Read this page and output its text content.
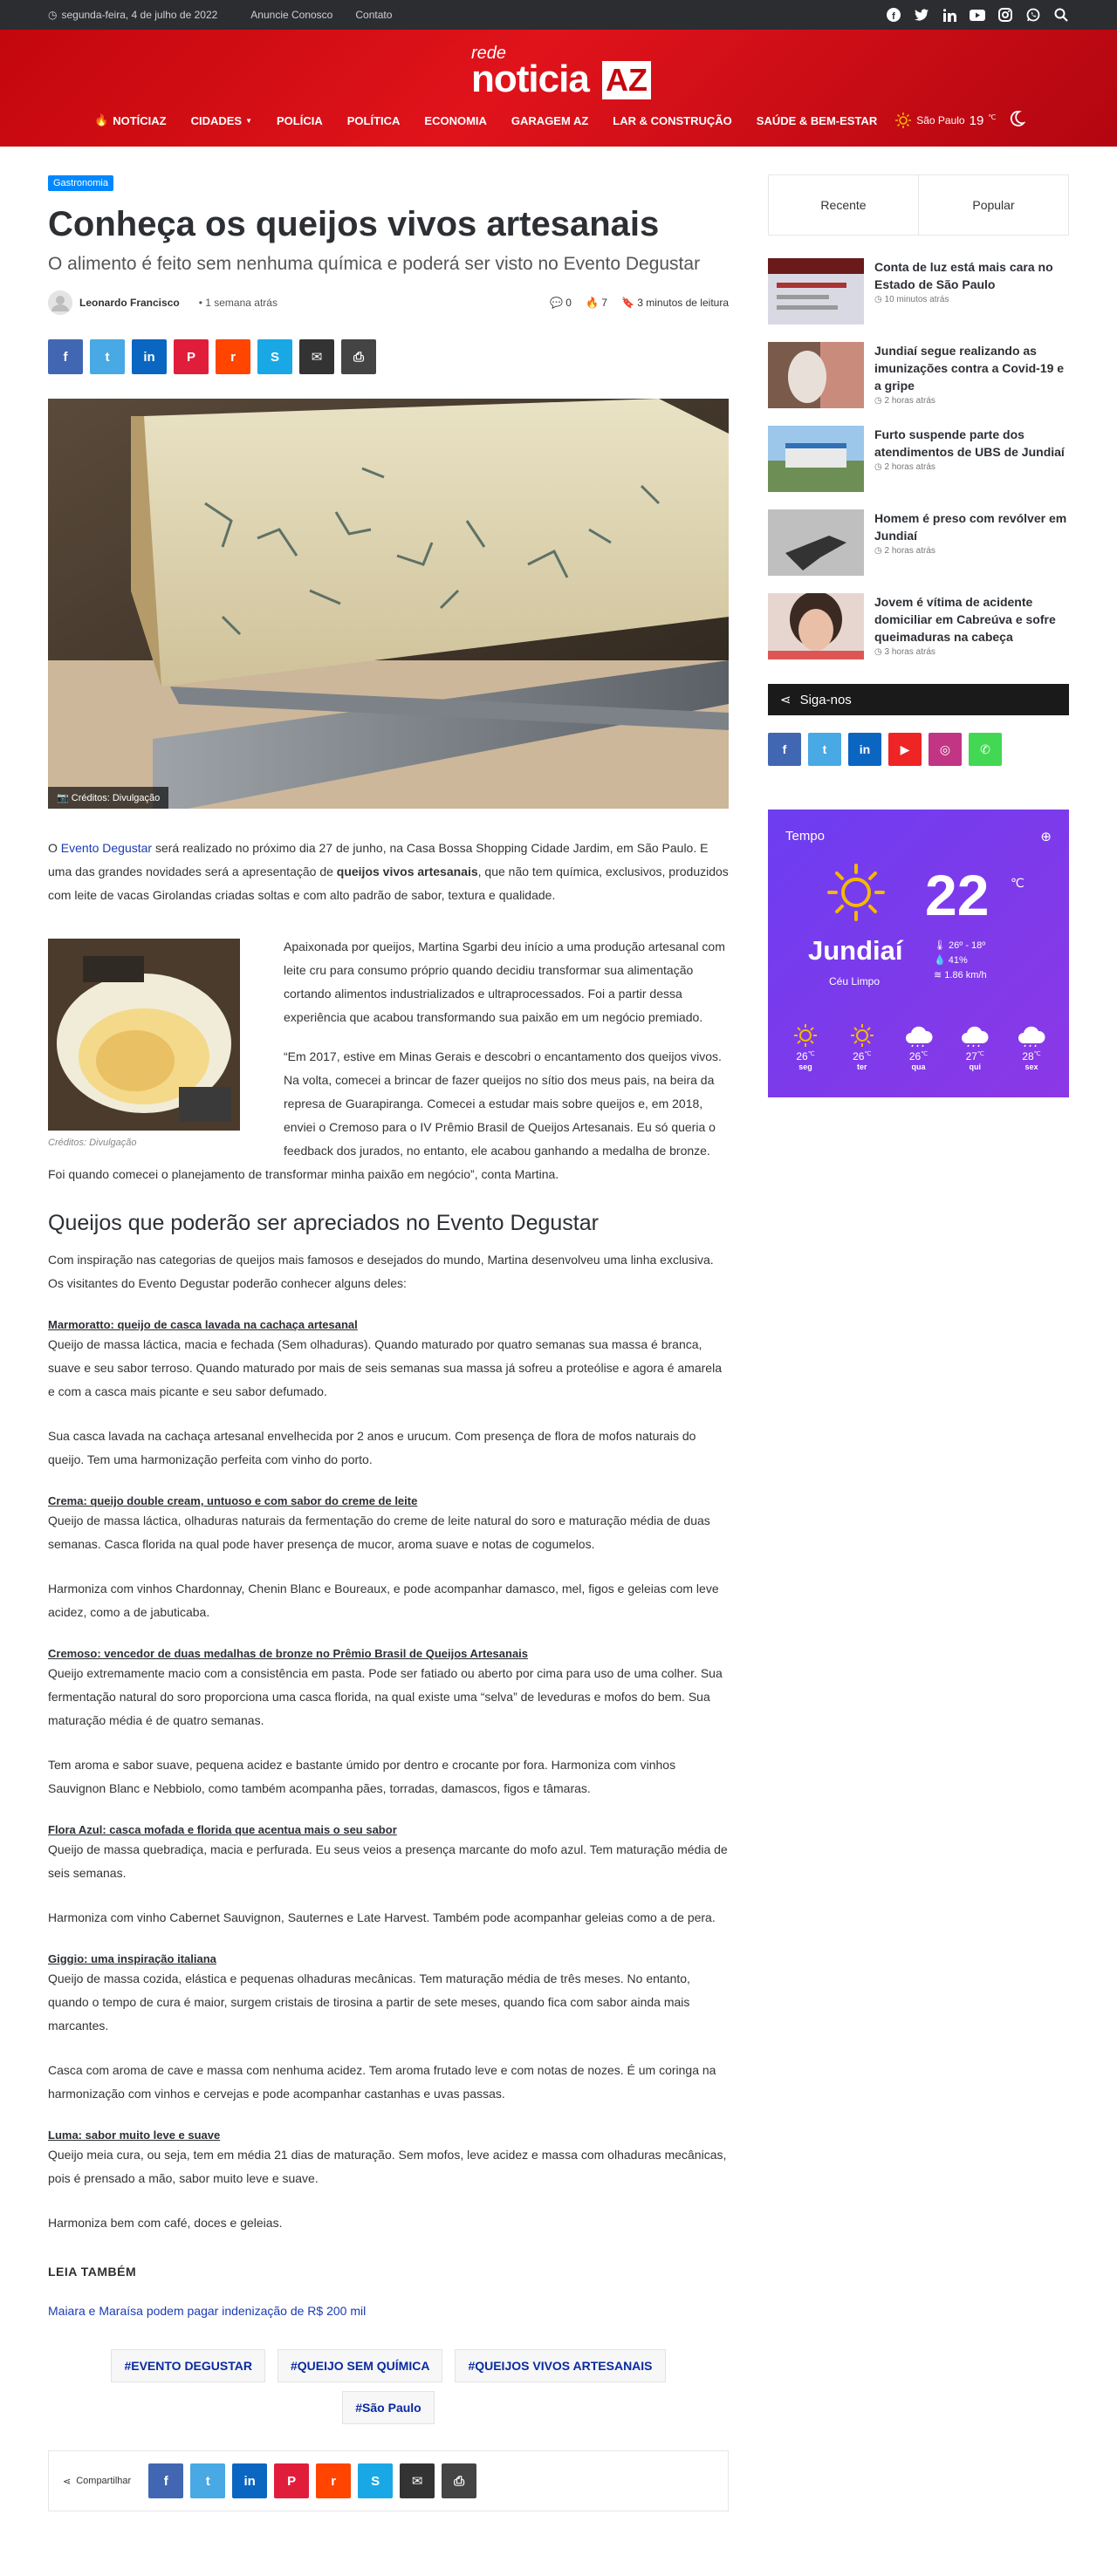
◷ segunda-feira, 4 de julho de 2022	Anuncie Conosco Contato	f
rede
noticia AZ
🔥 NOTÍCIAZ CIDADES ▼	POLÍCIA	POLÍTICA	ECONOMIA	GARAGEM AZ	LAR & CONSTRUÇÃO	SAÚDE & BEM-ESTAR	São Paulo 19 ℃
Gastronomia
Conheça os queijos vivos artesanais
O alimento é feito sem nenhuma química e poderá ser visto no Evento Degustar
Leonardo Francisco • 1 semana atrás	💬 0 🔥 7 🔖 3 minutos de leitura
f	t	in	P	r	S	✉	⎙
📷 Créditos: Divulgação

O Evento Degustar será realizado no próximo dia 27 de junho, na Casa Bossa Shopping Cidade Jardim, em São Paulo. E uma das grandes novidades será a apresentação de queijos vivos artesanais, que não tem química, exclusivos, produzidos com leite de vacas Girolandas criadas soltas e com alto padrão de sabor, textura e qualidade.

Créditos: Divulgação

Apaixonada por queijos, Martina Sgarbi deu início a uma produção artesanal com leite cru para consumo próprio quando decidiu transformar sua alimentação cortando alimentos industrializados e ultraprocessados. Foi a partir dessa experiência que acabou transformando sua paixão em um negócio premiado.

“Em 2017, estive em Minas Gerais e descobri o encantamento dos queijos vivos. Na volta, comecei a brincar de fazer queijos no sítio dos meus pais, na beira da represa de Guarapiranga. Comecei a estudar mais sobre queijos e, em 2018, enviei o Cremoso para o IV Prêmio Brasil de Queijos Artesanais. Eu só queria o feedback dos jurados, no entanto, ele acabou ganhando a medalha de bronze. Foi quando comecei o planejamento de transformar minha paixão em negócio”, conta Martina.

Queijos que poderão ser apreciados no Evento Degustar

Com inspiração nas categorias de queijos mais famosos e desejados do mundo, Martina desenvolveu uma linha exclusiva. Os visitantes do Evento Degustar poderão conhecer alguns deles:

Marmoratto: queijo de casca lavada na cachaça artesanal

Queijo de massa láctica, macia e fechada (Sem olhaduras). Quando maturado por quatro semanas sua massa é branca, suave e seu sabor terroso. Quando maturado por mais de seis semanas sua massa já sofreu a proteólise e agora é amarela e com a casca mais picante e seu sabor defumado.

Sua casca lavada na cachaça artesanal envelhecida por 2 anos e urucum. Com presença de flora de mofos naturais do queijo. Tem uma harmonização perfeita com vinho do porto.

Crema: queijo double cream, untuoso e com sabor do creme de leite

Queijo de massa láctica, olhaduras naturais da fermentação do creme de leite natural do soro e maturação média de duas semanas. Casca florida na qual pode haver presença de mucor, aroma suave e notas de cogumelos.

Harmoniza com vinhos Chardonnay, Chenin Blanc e Boureaux, e pode acompanhar damasco, mel, figos e geleias com leve acidez, como a de jabuticaba.

Cremoso: vencedor de duas medalhas de bronze no Prêmio Brasil de Queijos Artesanais

Queijo extremamente macio com a consistência em pasta. Pode ser fatiado ou aberto por cima para uso de uma colher. Sua fermentação natural do soro proporciona uma casca florida, na qual existe uma “selva” de leveduras e mofos do bem. Sua maturação média é de quatro semanas.

Tem aroma e sabor suave, pequena acidez e bastante úmido por dentro e crocante por fora. Harmoniza com vinhos Sauvignon Blanc e Nebbiolo, como também acompanha pães, torradas, damascos, figos e tâmaras.

Flora Azul: casca mofada e florida que acentua mais o seu sabor

Queijo de massa quebradiça, macia e perfurada. Eu seus veios a presença marcante do mofo azul. Tem maturação média de seis semanas.

Harmoniza com vinho Cabernet Sauvignon, Sauternes e Late Harvest. Também pode acompanhar geleias como a de pera.

Giggio: uma inspiração italiana

Queijo de massa cozida, elástica e pequenas olhaduras mecânicas. Tem maturação média de três meses. No entanto, quando o tempo de cura é maior, surgem cristais de tirosina a partir de sete meses, quando fica com sabor ainda mais marcantes.

Casca com aroma de cave e massa com nenhuma acidez. Tem aroma frutado leve e com notas de nozes. É um coringa na harmonização com vinhos e cervejas e pode acompanhar castanhas e uvas passas.

Luma: sabor muito leve e suave

Queijo meia cura, ou seja, tem em média 21 dias de maturação. Sem mofos, leve acidez e massa com olhaduras mecânicas, pois é prensado a mão, sabor muito leve e suave.

Harmoniza bem com café, doces e geleias.

LEIA TAMBÉM

Maiara e Maraísa podem pagar indenização de R$ 200 mil

#EVENTO DEGUSTAR	#QUEIJO SEM QUÍMICA	#QUEIJOS VIVOS ARTESANAIS
#São Paulo
⋖ Compartilhar	f	t	in P	r	S ✉ ⎙
Recente	Popular
Conta de luz está mais cara no Estado de São Paulo
◷ 10 minutos atrás
Jundiaí segue realizando as imunizações contra a Covid-19 e a gripe
◷ 2 horas atrás
Furto suspende parte dos atendimentos de UBS de Jundiaí
◷ 2 horas atrás
Homem é preso com revólver em Jundiaí
◷ 2 horas atrás
Jovem é vítima de acidente domiciliar em Cabreúva e sofre queimaduras na cabeça
◷ 3 horas atrás
⋖ Siga-nos
f	t	in	▶	◎	✆
Tempo	⊕
22 ℃
Jundiaí
Céu Limpo
🌡 26º - 18º
💧 41%
≋ 1.86 km/h
26℃
seg
26℃
ter
26℃
qua
27℃
qui
28℃
sex
